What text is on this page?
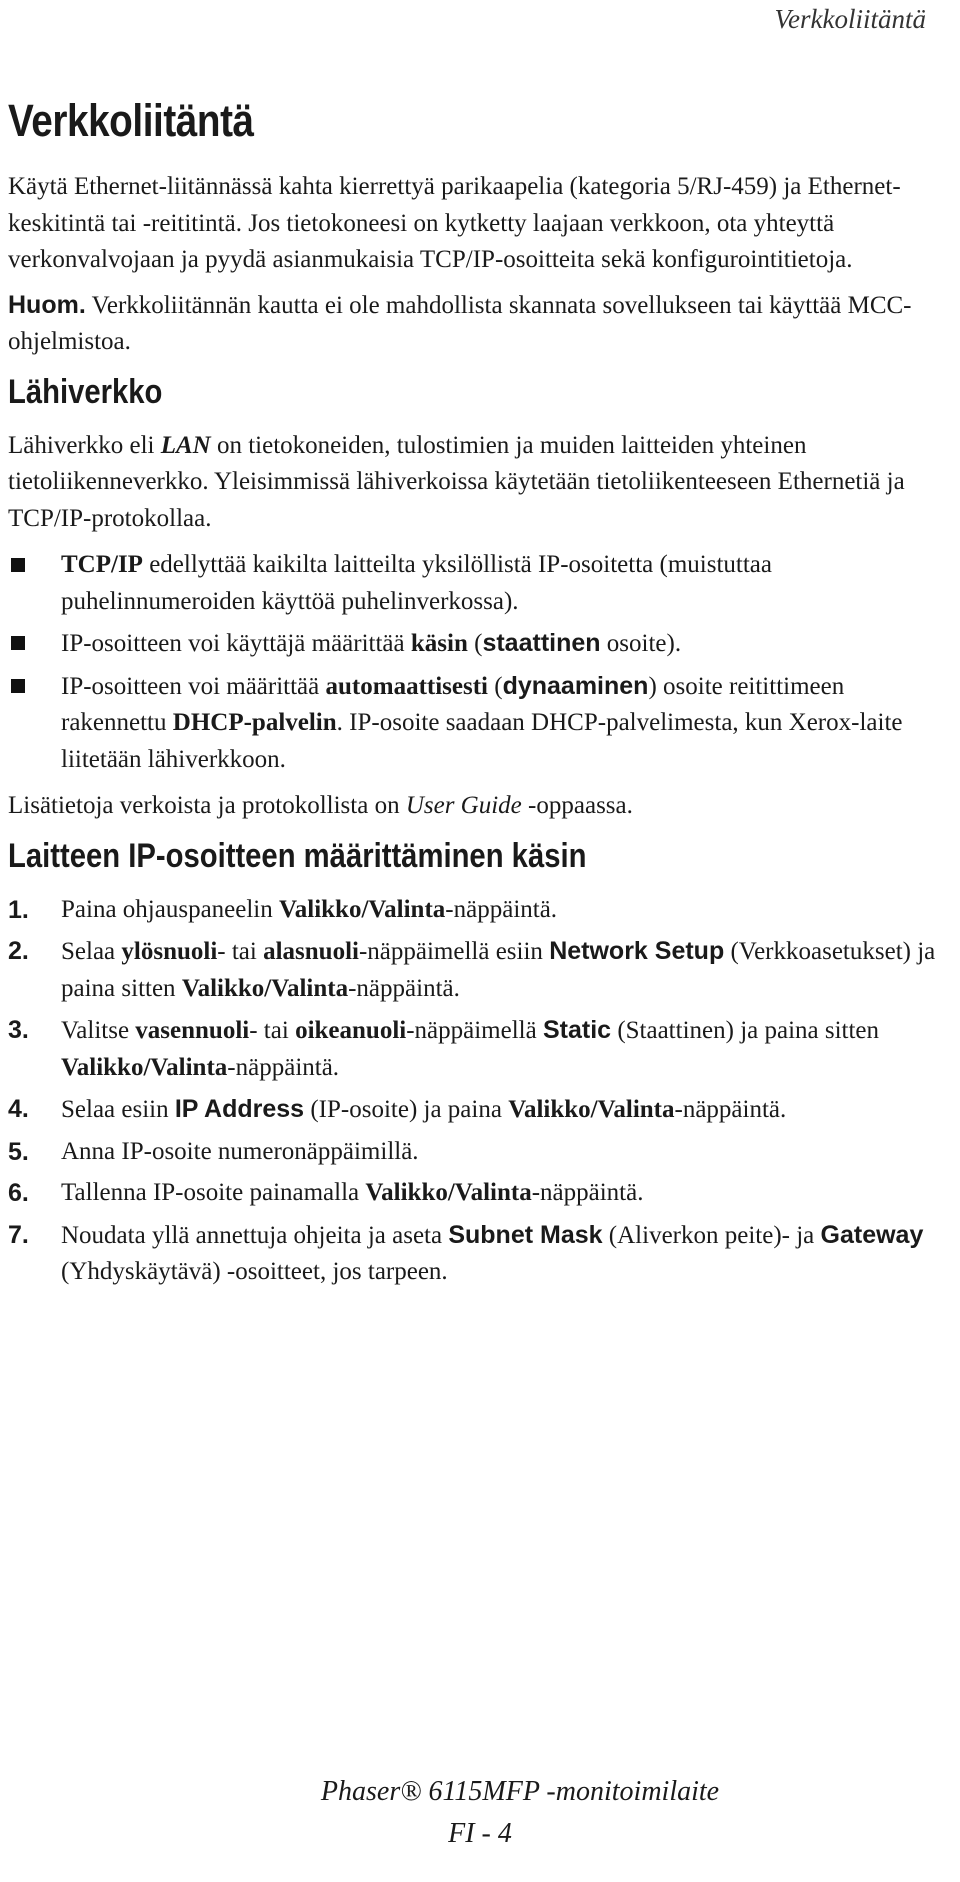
Verkkoliitäntä
Verkkoliitäntä

Käytä Ethernet-liitännässä kahta kierrettyä parikaapelia (kategoria 5/RJ-459) ja Ethernet-keskitintä tai -reititintä. Jos tietokoneesi on kytketty laajaan verkkoon, ota yhteyttä verkonvalvojaan ja pyydä asianmukaisia TCP/IP-osoitteita sekä konfigurointitietoja.

Huom. Verkkoliitännän kautta ei ole mahdollista skannata sovellukseen tai käyttää MCC-ohjelmistoa.

Lähiverkko

Lähiverkko eli LAN on tietokoneiden, tulostimien ja muiden laitteiden yhteinen tietoliikenneverkko. Yleisimmissä lähiverkoissa käytetään tietoliikenteeseen Ethernetiä ja TCP/IP-protokollaa.

TCP/IP edellyttää kaikilta laitteilta yksilöllistä IP-osoitetta (muistuttaa puhelinnumeroiden käyttöä puhelinverkossa).
IP-osoitteen voi käyttäjä määrittää käsin (staattinen osoite).
IP-osoitteen voi määrittää automaattisesti (dynaaminen) osoite reitittimeen rakennettu DHCP-palvelin. IP-osoite saadaan DHCP-palvelimesta, kun Xerox-laite liitetään lähiverkkoon.

Lisätietoja verkoista ja protokollista on User Guide -oppaassa.

Laitteen IP-osoitteen määrittäminen käsin
1. Paina ohjauspaneelin Valikko/Valinta-näppäintä.
2. Selaa ylösnuoli- tai alasnuoli-näppäimellä esiin Network Setup (Verkkoasetukset) ja paina sitten Valikko/Valinta-näppäintä.
3. Valitse vasennuoli- tai oikeanuoli-näppäimellä Static (Staattinen) ja paina sitten Valikko/Valinta-näppäintä.
4. Selaa esiin IP Address (IP-osoite) ja paina Valikko/Valinta-näppäintä.
5. Anna IP-osoite numeronäppäimillä.
6. Tallenna IP-osoite painamalla Valikko/Valinta-näppäintä.
7. Noudata yllä annettuja ohjeita ja aseta Subnet Mask (Aliverkon peite)- ja Gateway (Yhdyskäytävä) -osoitteet, jos tarpeen.
Phaser® 6115MFP -monitoimilaite
FI - 4
